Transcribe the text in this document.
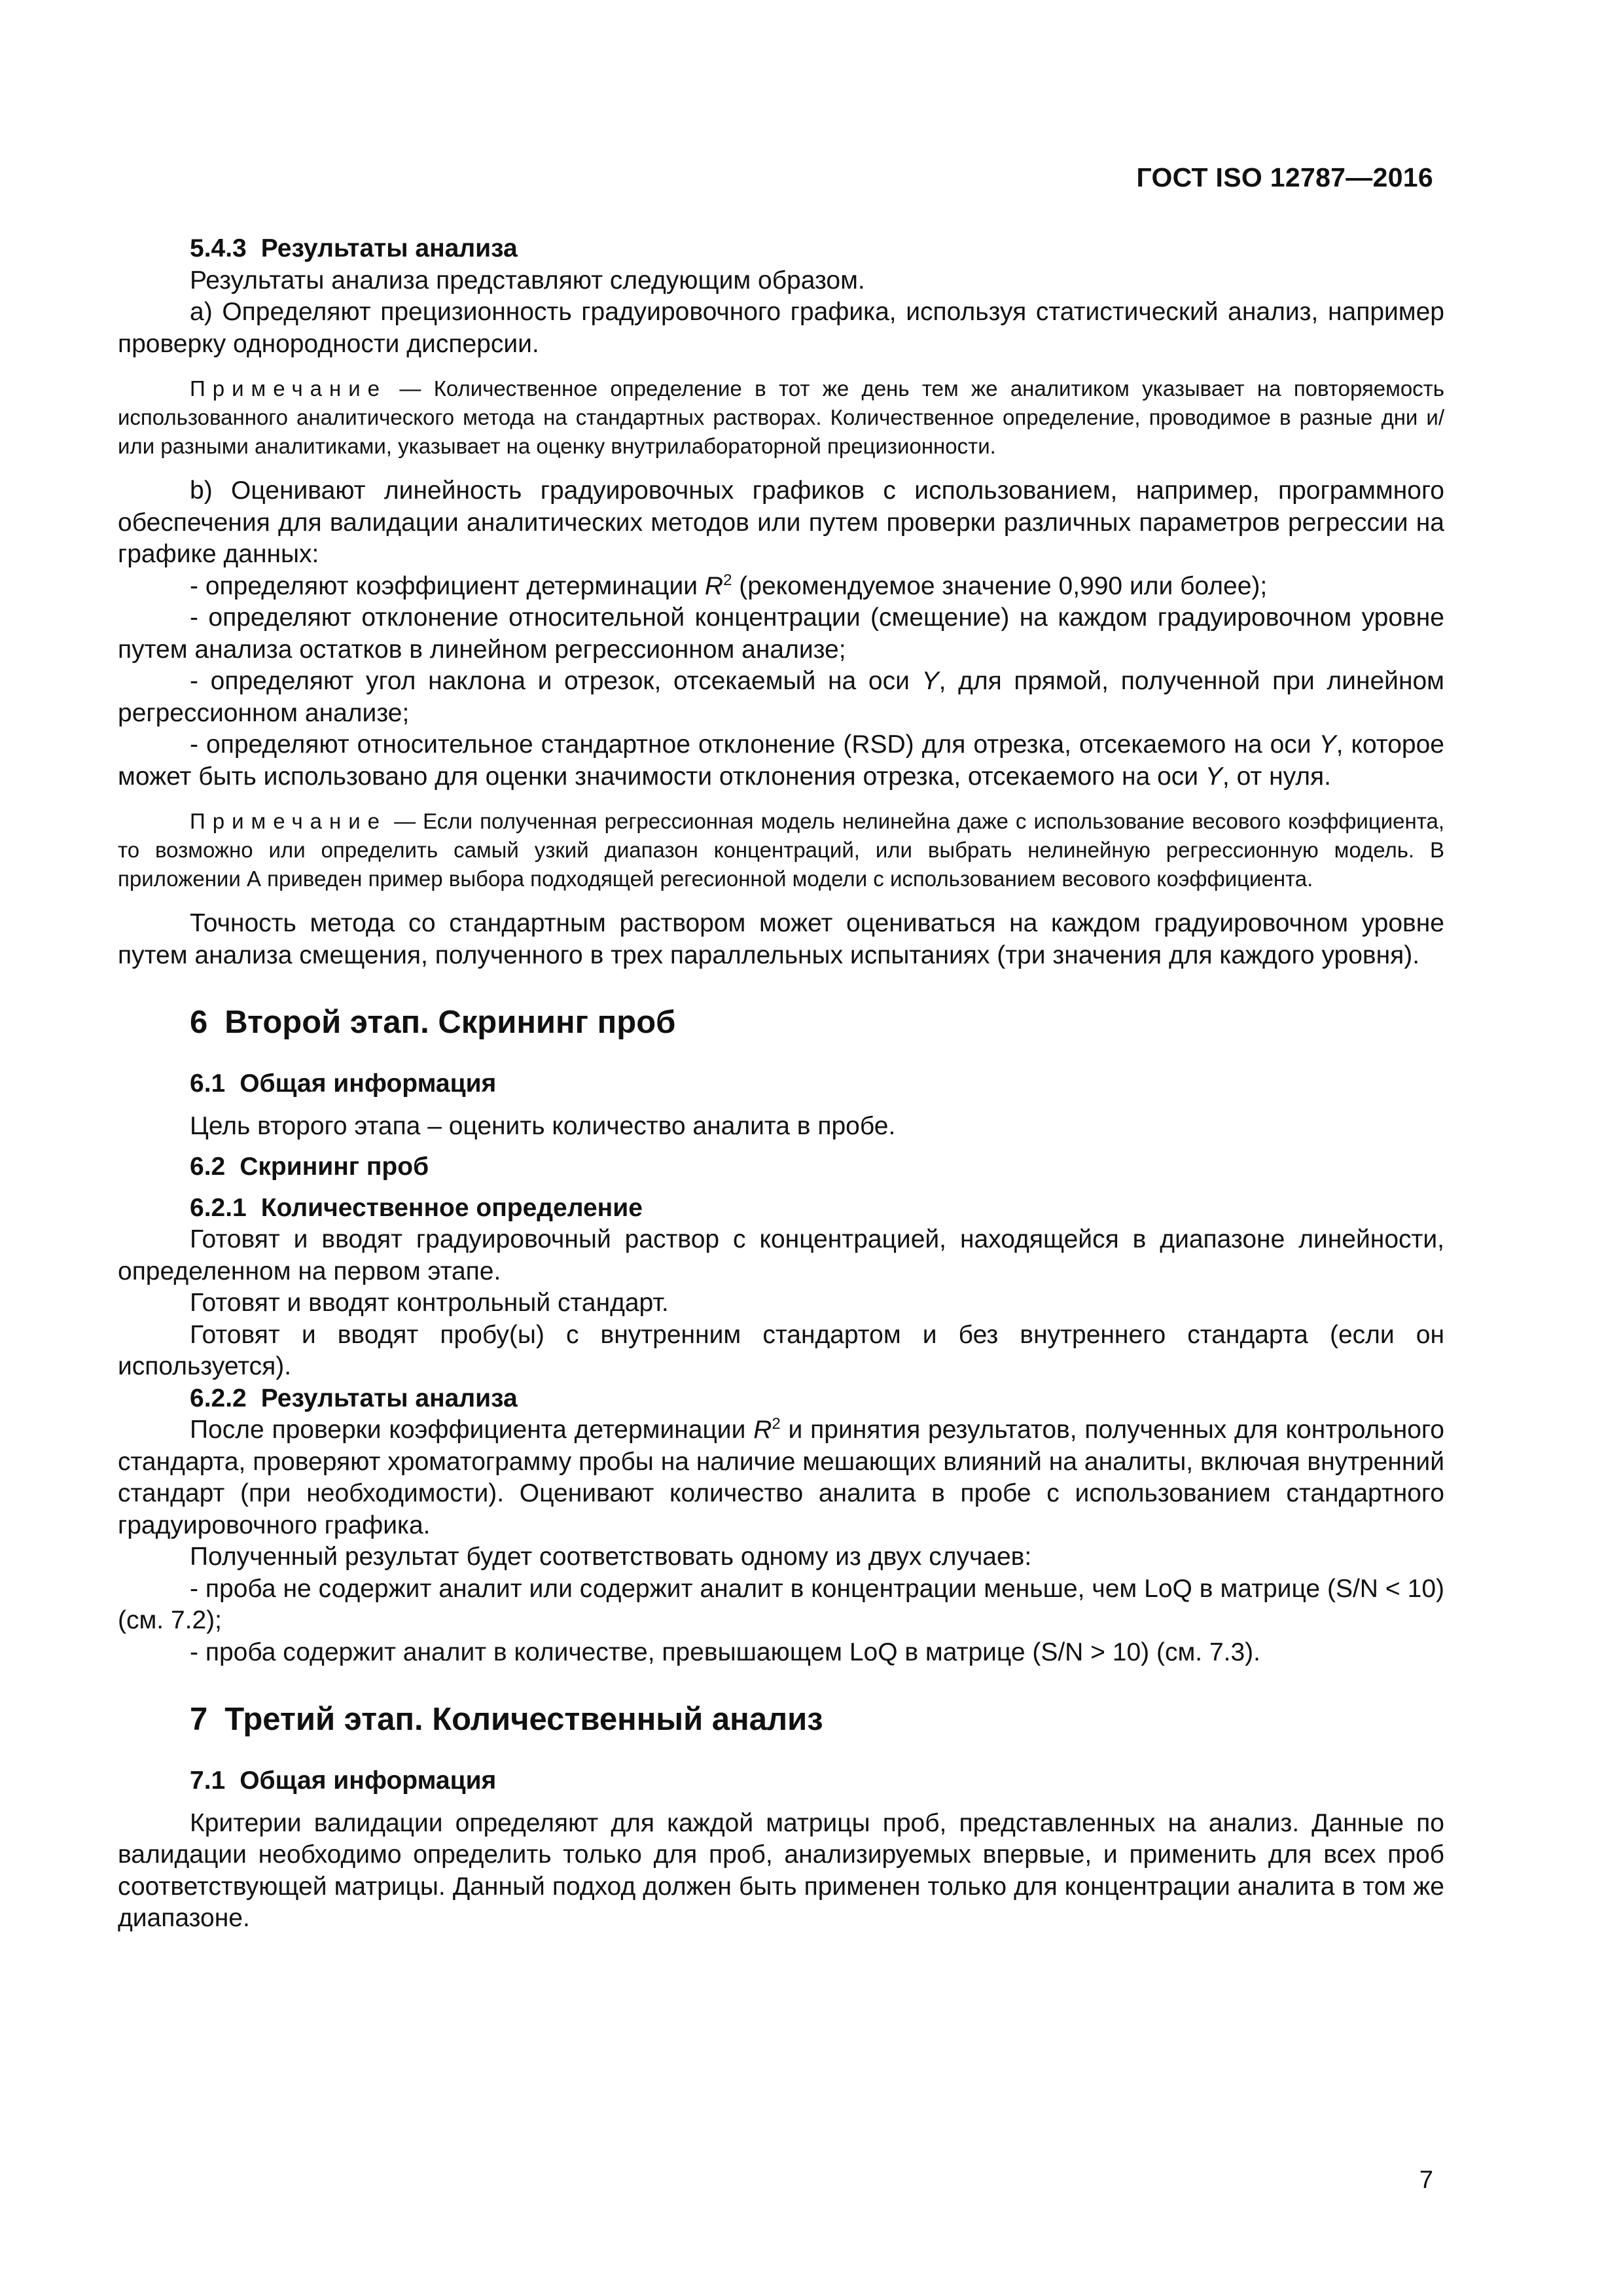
ГОСТ ISO 12787—2016
5.4.3 Результаты анализа

Результаты анализа представляют следующим образом.

а) Определяют прецизионность градуировочного графика, используя статистический анализ, например проверку однородности дисперсии.

Примечание — Количественное определение в тот же день тем же аналитиком указывает на повторяемость использованного аналитического метода на стандартных растворах. Количественное определение, проводимое в разные дни и/или разными аналитиками, указывает на оценку внутрилабораторной прецизионности.

b) Оценивают линейность градуировочных графиков с использованием, например, программного обеспечения для валидации аналитических методов или путем проверки различных параметров регрессии на графике данных:

- определяют коэффициент детерминации $R^2$ (рекомендуемое значение 0,990 или более);

- определяют отклонение относительной концентрации (смещение) на каждом градуировочном уровне путем анализа остатков в линейном регрессионном анализе;

- определяют угол наклона и отрезок, отсекаемый на оси Y, для прямой, полученной при линейном регрессионном анализе;

- определяют относительное стандартное отклонение (RSD) для отрезка, отсекаемого на оси Y, которое может быть использовано для оценки значимости отклонения отрезка, отсекаемого на оси Y, от нуля.

Примечание — Если полученная регрессионная модель нелинейна даже с использование весового коэффициента, то возможно или определить самый узкий диапазон концентраций, или выбрать нелинейную регрессионную модель. В приложении А приведен пример выбора подходящей регесионной модели с использованием весового коэффициента.

Точность метода со стандартным раствором может оцениваться на каждом градуировочном уровне путем анализа смещения, полученного в трех параллельных испытаниях (три значения для каждого уровня).

6 Второй этап. Скрининг проб
6.1 Общая информация

Цель второго этапа – оценить количество аналита в пробе.

6.2 Скрининг проб
6.2.1 Количественное определение

Готовят и вводят градуировочный раствор с концентрацией, находящейся в диапазоне линейности, определенном на первом этапе.

Готовят и вводят контрольный стандарт.

Готовят и вводят пробу(ы) с внутренним стандартом и без внутреннего стандарта (если он используется).

6.2.2 Результаты анализа

После проверки коэффициента детерминации $R^2$ и принятия результатов, полученных для контрольного стандарта, проверяют хроматограмму пробы на наличие мешающих влияний на аналиты, включая внутренний стандарт (при необходимости). Оценивают количество аналита в пробе с использованием стандартного градуировочного графика.

Полученный результат будет соответствовать одному из двух случаев:

- проба не содержит аналит или содержит аналит в концентрации меньше, чем LoQ в матрице (S/N < 10) (см. 7.2);

- проба содержит аналит в количестве, превышающем LoQ в матрице (S/N > 10) (см. 7.3).

7 Третий этап. Количественный анализ
7.1 Общая информация

Критерии валидации определяют для каждой матрицы проб, представленных на анализ. Данные по валидации необходимо определить только для проб, анализируемых впервые, и применить для всех проб соответствующей матрицы. Данный подход должен быть применен только для концентрации аналита в том же диапазоне.

7
